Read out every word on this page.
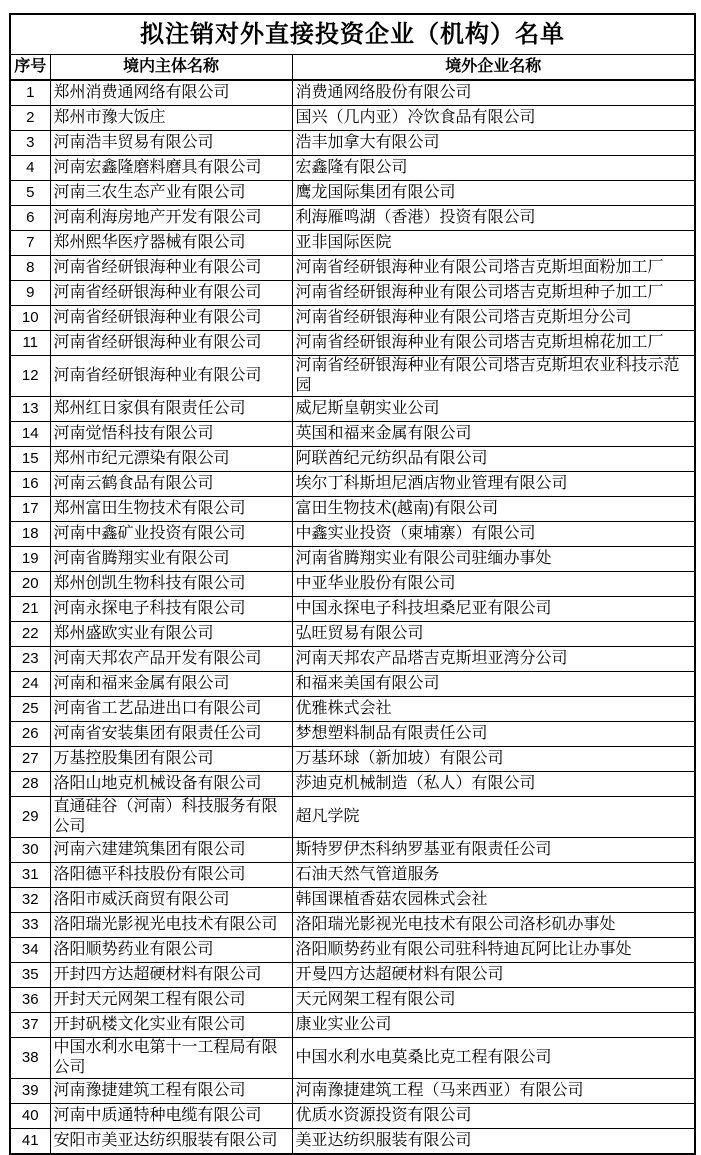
拟注销对外直接投资企业（机构）名单		
序号	境内主体名称	境外企业名称
1	郑州消费通网络有限公司	消费通网络股份有限公司
2	郑州市豫大饭庄	国兴（几内亚）冷饮食品有限公司
3	河南浩丰贸易有限公司	浩丰加拿大有限公司
4	河南宏鑫隆磨料磨具有限公司	宏鑫隆有限公司
5	河南三农生态产业有限公司	鹰龙国际集团有限公司
6	河南利海房地产开发有限公司	利海雁鸣湖（香港）投资有限公司
7	郑州熙华医疗器械有限公司	亚非国际医院
8	河南省经研银海种业有限公司	河南省经研银海种业有限公司塔吉克斯坦面粉加工厂
9	河南省经研银海种业有限公司	河南省经研银海种业有限公司塔吉克斯坦种子加工厂
10	河南省经研银海种业有限公司	河南省经研银海种业有限公司塔吉克斯坦分公司
11	河南省经研银海种业有限公司	河南省经研银海种业有限公司塔吉克斯坦棉花加工厂
12	河南省经研银海种业有限公司	河南省经研银海种业有限公司塔吉克斯坦农业科技示范园
13	郑州红日家俱有限责任公司	威尼斯皇朝实业公司
14	河南觉悟科技有限公司	英国和福来金属有限公司
15	郑州市纪元漂染有限公司	阿联酋纪元纺织品有限公司
16	河南云鹤食品有限公司	埃尔丁科斯坦尼酒店物业管理有限公司
17	郑州富田生物技术有限公司	富田生物技术(越南)有限公司
18	河南中鑫矿业投资有限公司	中鑫实业投资（柬埔寨）有限公司
19	河南省腾翔实业有限公司	河南省腾翔实业有限公司驻缅办事处
20	郑州创凯生物科技有限公司	中亚华业股份有限公司
21	河南永探电子科技有限公司	中国永探电子科技坦桑尼亚有限公司
22	郑州盛欧实业有限公司	弘旺贸易有限公司
23	河南天邦农产品开发有限公司	河南天邦农产品塔吉克斯坦亚湾分公司
24	河南和福来金属有限公司	和福来美国有限公司
25	河南省工艺品进出口有限公司	优雅株式会社
26	河南省安装集团有限责任公司	梦想塑料制品有限责任公司
27	万基控股集团有限公司	万基环球（新加坡）有限公司
28	洛阳山地克机械设备有限公司	莎迪克机械制造（私人）有限公司
29	直通硅谷（河南）科技服务有限公司	超凡学院
30	河南六建建筑集团有限公司	斯特罗伊杰科纳罗基亚有限责任公司
31	洛阳德平科技股份有限公司	石油天然气管道服务
32	洛阳市威沃商贸有限公司	韩国课植香菇农园株式会社
33	洛阳瑞光影视光电技术有限公司	洛阳瑞光影视光电技术有限公司洛杉矶办事处
34	洛阳顺势药业有限公司	洛阳顺势药业有限公司驻科特迪瓦阿比让办事处
35	开封四方达超硬材料有限公司	开曼四方达超硬材料有限公司
36	开封天元网架工程有限公司	天元网架工程有限公司
37	开封矾楼文化实业有限公司	康业实业公司
38	中国水利水电第十一工程局有限公司	中国水利水电莫桑比克工程有限公司
39	河南豫捷建筑工程有限公司	河南豫捷建筑工程（马来西亚）有限公司
40	河南中质通特种电缆有限公司	优质水资源投资有限公司
41	安阳市美亚达纺织服装有限公司	美亚达纺织服装有限公司
